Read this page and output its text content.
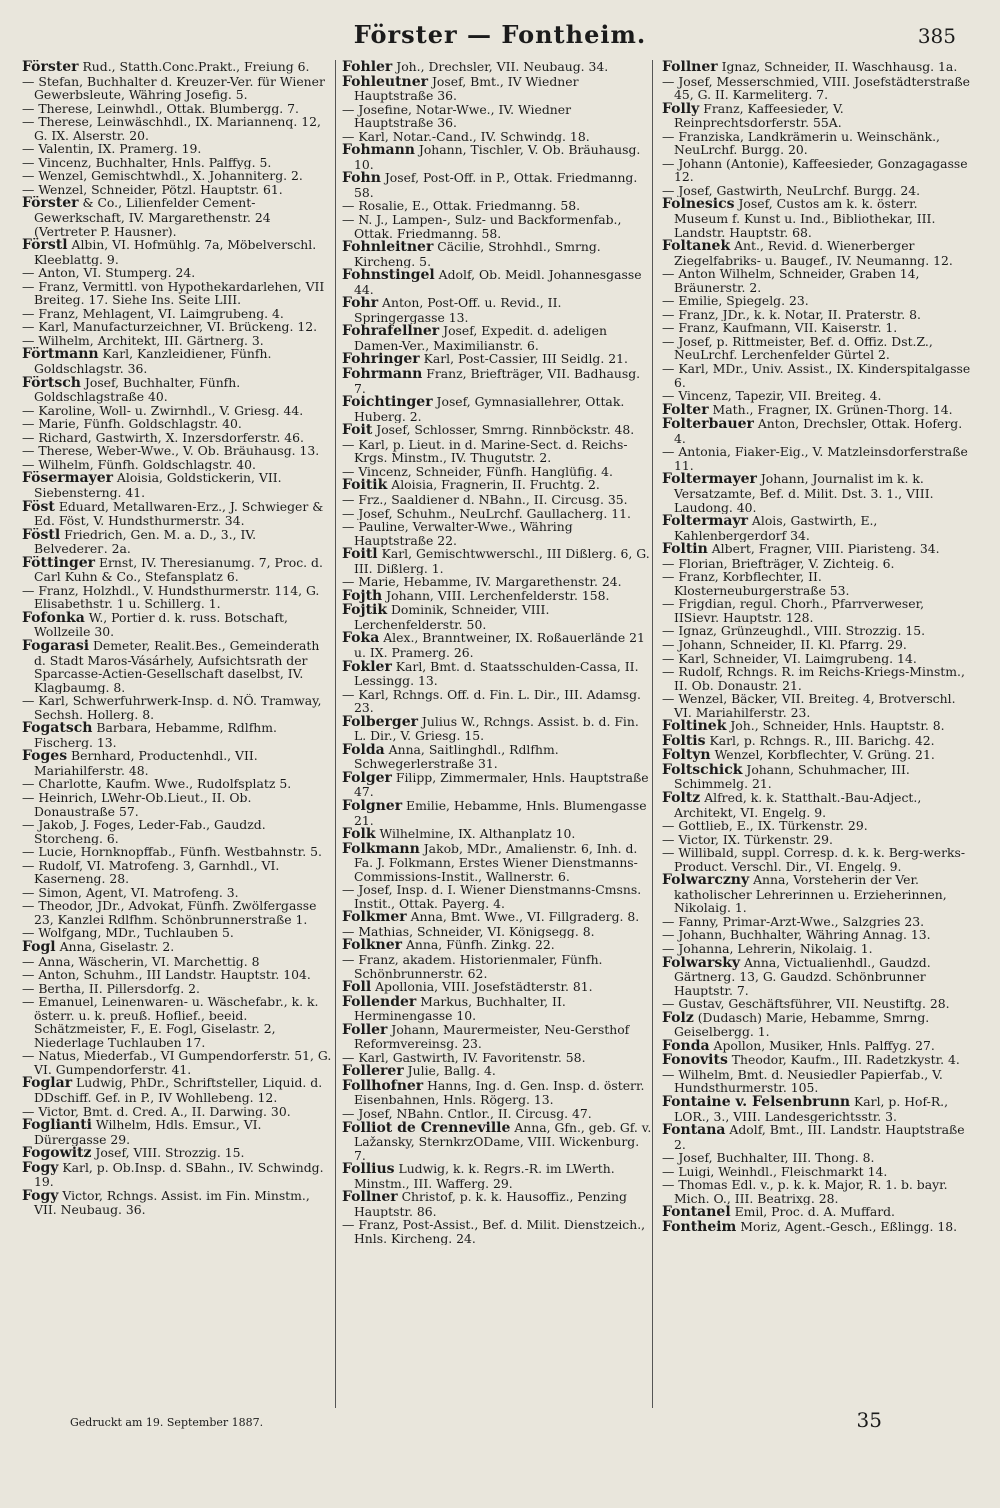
Förster — Fontheim.	385

Förster Rud., Statth.Conc.Prakt., Freiung 6.

— Stefan, Buchhalter d. Kreuzer-Ver. für Wiener Gewerbsleute, Währing Josefig. 5.

— Therese, Leinwhdl., Ottak. Blumbergg. 7.

— Therese, Leinwäschhdl., IX. Mariannenq. 12, G. IX. Alserstr. 20.

— Valentin, IX. Pramerg. 19.

— Vincenz, Buchhalter, Hnls. Palffyg. 5.

— Wenzel, Gemischtwhdl., X. Johanniterg. 2.

— Wenzel, Schneider, Pötzl. Hauptstr. 61.

Förster & Co., Lilienfelder Cement-Gewerkschaft, IV. Margarethenstr. 24 (Vertreter P. Hausner).

Förstl Albin, VI. Hofmühlg. 7a, Möbelverschl. Kleeblattg. 9.

— Anton, VI. Stumperg. 24.

— Franz, Vermittl. von Hypothekardarlehen, VII Breiteg. 17. Siehe Ins. Seite LIII.

— Franz, Mehlagent, VI. Laimgrubeng. 4.

— Karl, Manufacturzeichner, VI. Brückeng. 12.

— Wilhelm, Architekt, III. Gärtnerg. 3.

Förtmann Karl, Kanzleidiener, Fünfh. Goldschlagstr. 36.

Förtsch Josef, Buchhalter, Fünfh. Goldschlagstraße 40.

— Karoline, Woll- u. Zwirnhdl., V. Griesg. 44.

— Marie, Fünfh. Goldschlagstr. 40.

— Richard, Gastwirth, X. Inzersdorferstr. 46.

— Therese, Weber-Wwe., V. Ob. Bräuhausg. 13.

— Wilhelm, Fünfh. Goldschlagstr. 40.

Fösermayer Aloisia, Goldstickerin, VII. Siebensterng. 41.

Föst Eduard, Metallwaren-Erz., J. Schwieger & Ed. Föst, V. Hundsthurmerstr. 34.

Föstl Friedrich, Gen. M. a. D., 3., IV. Belvederег. 2a.

Föttinger Ernst, IV. Theresianumg. 7, Proc. d. Carl Kuhn & Co., Stefansplatz 6.

— Franz, Holzhdl., V. Hundsthurmerstr. 114, G. Elisabethstr. 1 u. Schillerg. 1.

Fofonka W., Portier d. k. russ. Botschaft, Wollzeile 30.

Fogarasi Demeter, Realit.Bes., Gemeinderath d. Stadt Maros-Vásárhely, Aufsichtsrath der Sparcasse-Actien-Gesellschaft daselbst, IV. Klagbaumg. 8.

— Karl, Schwerfuhrwerk-Insp. d. NÖ. Tramway, Sechsh. Hollerg. 8.

Fogatsch Barbara, Hebamme, Rdlfhm. Fischerg. 13.

Foges Bernhard, Productenhdl., VII. Mariahilferstr. 48.

— Charlotte, Kaufm. Wwe., Rudolfsplatz 5.

— Heinrich, LWehr-Ob.Lieut., II. Ob. Donaustraße 57.

— Jakob, J. Foges, Leder-Fab., Gaudzd. Storcheng. 6.

— Lucie, Hornknopffab., Fünfh. Westbahnstr. 5.

— Rudolf, VI. Matrofeng. 3, Garnhdl., VI. Kaserneng. 28.

— Simon, Agent, VI. Matrofeng. 3.

— Theodor, JDr., Advokat, Fünfh. Zwölfergasse 23, Kanzlei Rdlfhm. Schönbrunnerstraße 1.

— Wolfgang, MDr., Tuchlauben 5.

Fogl Anna, Giselastr. 2.

— Anna, Wäscherin, VI. Marchettig. 8

— Anton, Schuhm., III Landstr. Hauptstr. 104.

— Bertha, II. Pillersdorfg. 2.

— Emanuel, Leinenwaren- u. Wäschefabr., k. k. österr. u. k. preuß. Hoflief., beeid. Schätzmeister, F., E. Fogl, Giselastr. 2, Niederlage Tuchlauben 17.

— Natus, Miederfab., VI Gumpendorferstr. 51, G. VI. Gumpendorferstr. 41.

Foglar Ludwig, PhDr., Schriftsteller, Liquid. d. DDschiff. Gef. in P., IV Wohllebeng. 12.

— Victor, Bmt. d. Cred. A., II. Darwing. 30.

Foglianti Wilhelm, Hdls. Emsur., VI. Dürergasse 29.

Fogowitz Josef, VIII. Strozzig. 15.

Fogy Karl, p. Ob.Insp. d. SBahn., IV. Schwindg. 19.

Fogy Victor, Rchngs. Assist. im Fin. Minstm., VII. Neubaug. 36.

Fohler Joh., Drechsler, VII. Neubaug. 34.

Fohleutner Josef, Bmt., IV Wiedner Hauptstraße 36.

— Josefine, Notar-Wwe., IV. Wiedner Hauptstraße 36.

— Karl, Notar.-Cand., IV. Schwindg. 18.

Fohmann Johann, Tischler, V. Ob. Bräuhausg. 10.

Fohn Josef, Post-Off. in P., Ottak. Friedmanng. 58.

— Rosalie, E., Ottak. Friedmanng. 58.

— N. J., Lampen-, Sulz- und Backformenfab., Ottak. Friedmanng. 58.

Fohnleitner Cäcilie, Strohhdl., Smrng. Kircheng. 5.

Fohnstingel Adolf, Ob. Meidl. Johannesgasse 44.

Fohr Anton, Post-Off. u. Revid., II. Springergasse 13.

Fohrafellner Josef, Expedit. d. adeligen Damen-Ver., Maximilianstr. 6.

Fohringer Karl, Post-Cassier, III Seidlg. 21.

Fohrmann Franz, Briefträger, VII. Badhausg. 7.

Foichtinger Josef, Gymnasiallehrer, Ottak. Huberg. 2.

Foit Josef, Schlosser, Smrng. Rinnböckstr. 48.

— Karl, p. Lieut. in d. Marine-Sect. d. Reichs-Krgs. Minstm., IV. Thugutstr. 2.

— Vincenz, Schneider, Fünfh. Hanglüfig. 4.

Foitik Aloisia, Fragnerin, II. Fruchtg. 2.

— Frz., Saaldiener d. NBahn., II. Circusg. 35.

— Josef, Schuhm., NeuLrchf. Gaullacherg. 11.

— Pauline, Verwalter-Wwe., Währing Hauptstraße 22.

Foitl Karl, Gemischtwwerschl., III Dißlerg. 6, G. III. Dißlerg. 1.

— Marie, Hebamme, IV. Margarethenstr. 24.

Fojth Johann, VIII. Lerchenfelderstr. 158.

Fojtik Dominik, Schneider, VIII. Lerchenfelderstr. 50.

Foka Alex., Branntweiner, IX. Roßauerlände 21 u. IX. Pramerg. 26.

Fokler Karl, Bmt. d. Staatsschulden-Cassa, II. Lessingg. 13.

— Karl, Rchngs. Off. d. Fin. L. Dir., III. Adamsg. 23.

Folberger Julius W., Rchngs. Assist. b. d. Fin. L. Dir., V. Griesg. 15.

Folda Anna, Saitlinghdl., Rdlfhm. Schwegerlerstraße 31.

Folger Filipp, Zimmermaler, Hnls. Hauptstraße 47.

Folgner Emilie, Hebamme, Hnls. Blumengasse 21.

Folk Wilhelmine, IX. Althanplatz 10.

Folkmann Jakob, MDr., Amalienstr. 6, Inh. d. Fa. J. Folkmann, Erstes Wiener Dienstmanns-Commissions-Instit., Wallnerstr. 6.

— Josef, Insp. d. I. Wiener Dienstmanns-Cmsns. Instit., Ottak. Payerg. 4.

Folkmer Anna, Bmt. Wwe., VI. Fillgraderg. 8.

— Mathias, Schneider, VI. Königsegg. 8.

Folkner Anna, Fünfh. Zinkg. 22.

— Franz, akadem. Historienmaler, Fünfh. Schönbrunnerstr. 62.

Foll Apollonia, VIII. Josefstädterstr. 81.

Follender Markus, Buchhalter, II. Herminengasse 10.

Foller Johann, Maurermeister, Neu-Gersthof Reformvereinsg. 23.

— Karl, Gastwirth, IV. Favoritenstr. 58.

Follerer Julie, Ballg. 4.

Follhofner Hanns, Ing. d. Gen. Insp. d. österr. Eisenbahnen, Hnls. Rögerg. 13.

— Josef, NBahn. Cntlor., II. Circusg. 47.

Folliot de Crenneville Anna, Gfn., geb. Gf. v. Lažansky, SternkrzODame, VIII. Wickenburg. 7.

Follius Ludwig, k. k. Regrs.-R. im LWerth. Minstm., III. Wafferg. 29.

Follner Christof, p. k. k. Hausoffiz., Penzing Hauptstr. 86.

— Franz, Post-Assist., Bef. d. Milit. Dienstzeich., Hnls. Kircheng. 24.

Follner Ignaz, Schneider, II. Waschhausg. 1a.

— Josef, Messerschmied, VIII. Josefstädterstraße 45, G. II. Karmeliterg. 7.

Folly Franz, Kaffeesieder, V. Reinprechtsdorferstr. 55A.

— Franziska, Landkrämerin u. Weinschänk., NeuLrchf. Burgg. 20.

— Johann (Antonie), Kaffeesieder, Gonzagagasse 12.

— Josef, Gastwirth, NeuLrchf. Burgg. 24.

Folnesics Josef, Custos am k. k. österr. Museum f. Kunst u. Ind., Bibliothekar, III. Landstr. Hauptstr. 68.

Foltanek Ant., Revid. d. Wienerberger Ziegelfabriks- u. Baugef., IV. Neumanng. 12.

— Anton Wilhelm, Schneider, Graben 14, Bräunerstr. 2.

— Emilie, Spiegelg. 23.

— Franz, JDr., k. k. Notar, II. Praterstr. 8.

— Franz, Kaufmann, VII. Kaiserstr. 1.

— Josef, p. Rittmeister, Bef. d. Offiz. Dst.Z., NeuLrchf. Lerchenfelder Gürtel 2.

— Karl, MDr., Univ. Assist., IX. Kinderspitalgasse 6.

— Vincenz, Tapezir, VII. Breiteg. 4.

Folter Math., Fragner, IX. Grünen-Thorg. 14.

Folterbauer Anton, Drechsler, Ottak. Hoferg. 4.

— Antonia, Fiaker-Eig., V. Matzleinsdorferstraße 11.

Foltermayer Johann, Journalist im k. k. Versatzamte, Bef. d. Milit. Dst. 3. 1., VIII. Laudong. 40.

Foltermayr Alois, Gastwirth, E., Kahlenbergerdorf 34.

Foltin Albert, Fragner, VIII. Piaristeng. 34.

— Florian, Briefträger, V. Zichteig. 6.

— Franz, Korbflechter, II. Klosterneuburgerstraße 53.

— Frigdian, regul. Chorh., Pfarrverweser, IISievr. Hauptstr. 128.

— Ignaz, Grünzeughdl., VIII. Strozzig. 15.

— Johann, Schneider, II. Kl. Pfarrg. 29.

— Karl, Schneider, VI. Laimgrubeng. 14.

— Rudolf, Rchngs. R. im Reichs-Kriegs-Minstm., II. Ob. Donaustr. 21.

— Wenzel, Bäcker, VII. Breiteg. 4, Brotverschl. VI. Mariahilferstr. 23.

Foltinek Joh., Schneider, Hnls. Hauptstr. 8.

Foltis Karl, p. Rchngs. R., III. Barichg. 42.

Foltyn Wenzel, Korbflechter, V. Grüng. 21.

Foltschick Johann, Schuhmacher, III. Schimmelg. 21.

Foltz Alfred, k. k. Statthalt.-Bau-Adject., Architekt, VI. Engelg. 9.

— Gottlieb, E., IX. Türkenstr. 29.

— Victor, IX. Türkenstr. 29.

— Willibald, suppl. Corresp. d. k. k. Berg-werks-Product. Verschl. Dir., VI. Engelg. 9.

Folwarczny Anna, Vorsteherin der Ver. katholischer Lehrerinnen u. Erzieherinnen, Nikolaig. 1.

— Fanny, Primar-Arzt-Wwe., Salzgries 23.

— Johann, Buchhalter, Währing Annag. 13.

— Johanna, Lehrerin, Nikolaig. 1.

Folwarsky Anna, Victualienhdl., Gaudzd. Gärtnerg. 13, G. Gaudzd. Schönbrunner Hauptstr. 7.

— Gustav, Geschäftsführer, VII. Neustiftg. 28.

Folz (Dudasch) Marie, Hebamme, Smrng. Geiselbergg. 1.

Fonda Apollon, Musiker, Hnls. Palffyg. 27.

Fonovits Theodor, Kaufm., III. Radetzkystr. 4.

— Wilhelm, Bmt. d. Neusiedler Papierfab., V. Hundsthurmerstr. 105.

Fontaine v. Felsenbrunn Karl, p. Hof-R., LOR., 3., VIII. Landesgerichtsstr. 3.

Fontana Adolf, Bmt., III. Landstr. Hauptstraße 2.

— Josef, Buchhalter, III. Thong. 8.

— Luigi, Weinhdl., Fleischmarkt 14.

— Thomas Edl. v., p. k. k. Major, R. 1. b. bayr. Mich. O., III. Beatrixg. 28.

Fontanel Emil, Proc. d. A. Muffard.

Fontheim Moriz, Agent.-Gesch., Eßlingg. 18.

Gedruckt am 19. September 1887.	35
